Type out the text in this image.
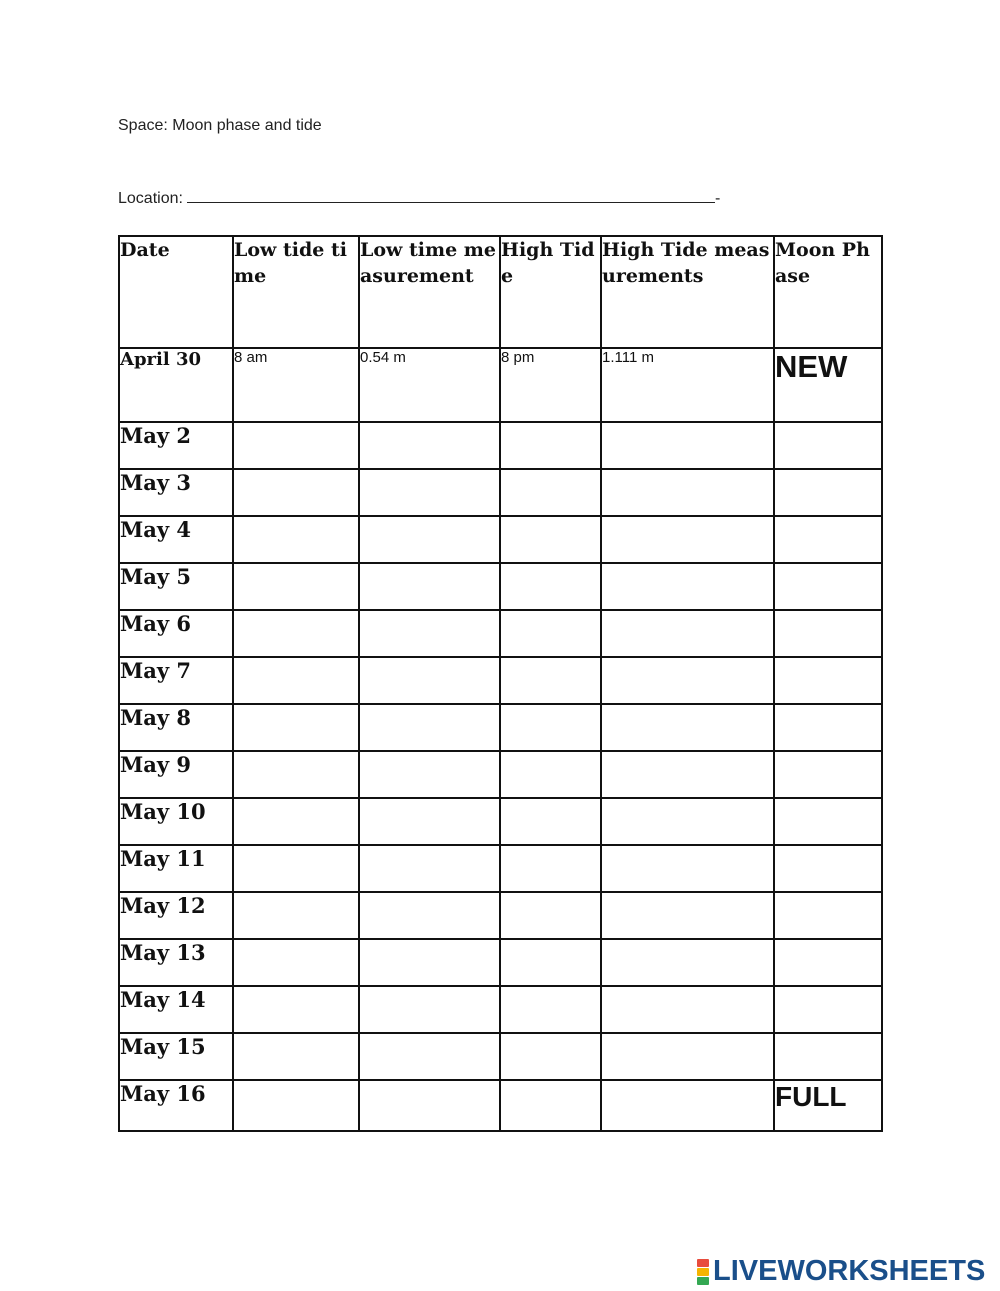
Space: Moon phase and tide
Location:	-
Date	Low tide time	Low time measurement	High Tide	High Tide measurements	Moon Phase
April 30	8 am	0.54 m	8 pm	1.111 m	NEW
May 2					
May 3					
May 4					
May 5					
May 6					
May 7					
May 8					
May 9					
May 10					
May 11					
May 12					
May 13					
May 14					
May 15					
May 16					FULL
LIVEWORKSHEETS
